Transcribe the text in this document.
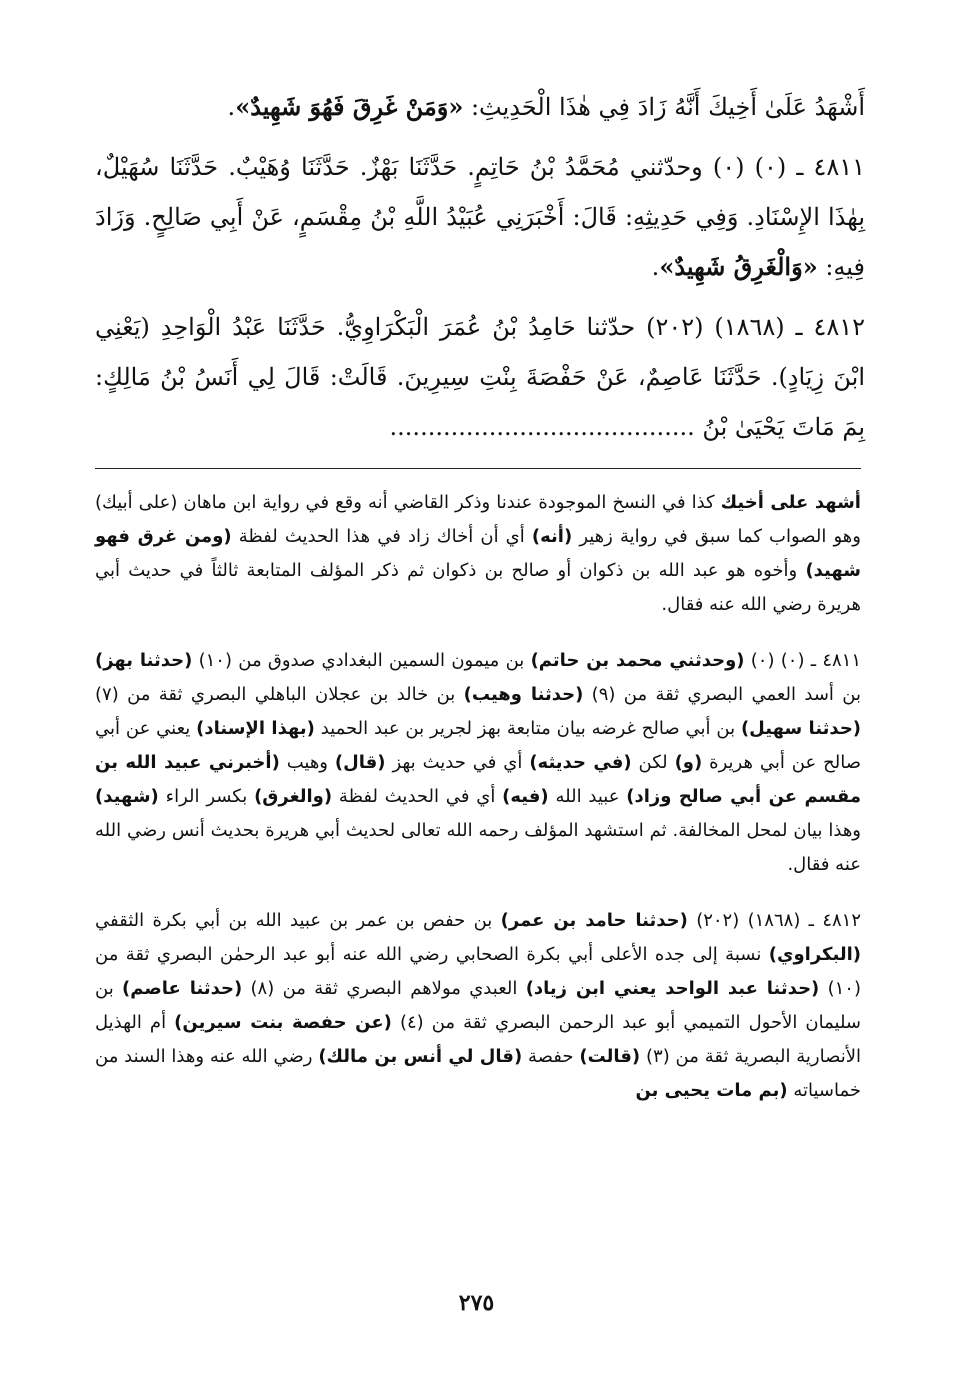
أَشْهَدُ عَلَىٰ أَخِيكَ أَنَّهُ زَادَ فِي هٰذَا الْحَدِيثِ: «وَمَنْ غَرِقَ فَهُوَ شَهِيدٌ».

٤٨١١ ـ (٠) (٠) وحدّثني مُحَمَّدُ بْنُ حَاتِمٍ. حَدَّثَنَا بَهْزٌ. حَدَّثَنَا وُهَيْبٌ. حَدَّثَنَا سُهَيْلٌ، بِهٰذَا الإِسْنَادِ. وَفِي حَدِيثِهِ: قَالَ: أَخْبَرَنِي عُبَيْدُ اللَّهِ بْنُ مِقْسَمٍ، عَنْ أَبِي صَالِحٍ. وَزَادَ فِيهِ: «وَالْغَرِقُ شَهِيدٌ».

٤٨١٢ ـ (١٨٦٨) (٢٠٢) حدّثنا حَامِدُ بْنُ عُمَرَ الْبَكْرَاوِيُّ. حَدَّثَنَا عَبْدُ الْوَاحِدِ (يَعْنِي ابْنَ زِيَادٍ). حَدَّثَنَا عَاصِمٌ، عَنْ حَفْصَةَ بِنْتِ سِيرِينَ. قَالَتْ: قَالَ لِي أَنَسُ بْنُ مَالِكٍ: بِمَ مَاتَ يَحْيَىٰ بْنُ ........................................

أشهد على أخيك كذا في النسخ الموجودة عندنا وذكر القاضي أنه وقع في رواية ابن ماهان (على أبيك) وهو الصواب كما سبق في رواية زهير (أنه) أي أن أخاك زاد في هذا الحديث لفظة (ومن غرق فهو شهيد) وأخوه هو عبد الله بن ذكوان أو صالح بن ذكوان ثم ذكر المؤلف المتابعة ثالثاً في حديث أبي هريرة رضي الله عنه فقال.

٤٨١١ ـ (٠) (٠) (وحدثني محمد بن حاتم) بن ميمون السمين البغدادي صدوق من (١٠) (حدثنا بهز) بن أسد العمي البصري ثقة من (٩) (حدثنا وهيب) بن خالد بن عجلان الباهلي البصري ثقة من (٧) (حدثنا سهيل) بن أبي صالح غرضه بيان متابعة بهز لجرير بن عبد الحميد (بهذا الإسناد) يعني عن أبي صالح عن أبي هريرة (و) لكن (في حديثه) أي في حديث بهز (قال) وهيب (أخبرني عبيد الله بن مقسم عن أبي صالح وزاد) عبيد الله (فيه) أي في الحديث لفظة (والغرق) بكسر الراء (شهيد) وهذا بيان لمحل المخالفة. ثم استشهد المؤلف رحمه الله تعالى لحديث أبي هريرة بحديث أنس رضي الله عنه فقال.

٤٨١٢ ـ (١٨٦٨) (٢٠٢) (حدثنا حامد بن عمر) بن حفص بن عمر بن عبيد الله بن أبي بكرة الثقفي (البكراوي) نسبة إلى جده الأعلى أبي بكرة الصحابي رضي الله عنه أبو عبد الرحمٰن البصري ثقة من (١٠) (حدثنا عبد الواحد يعني ابن زياد) العبدي مولاهم البصري ثقة من (٨) (حدثنا عاصم) بن سليمان الأحول التميمي أبو عبد الرحمن البصري ثقة من (٤) (عن حفصة بنت سيرين) أم الهذيل الأنصارية البصرية ثقة من (٣) (قالت) حفصة (قال لي أنس بن مالك) رضي الله عنه وهذا السند من خماسياته (بم مات يحيى بن

٢٧٥
